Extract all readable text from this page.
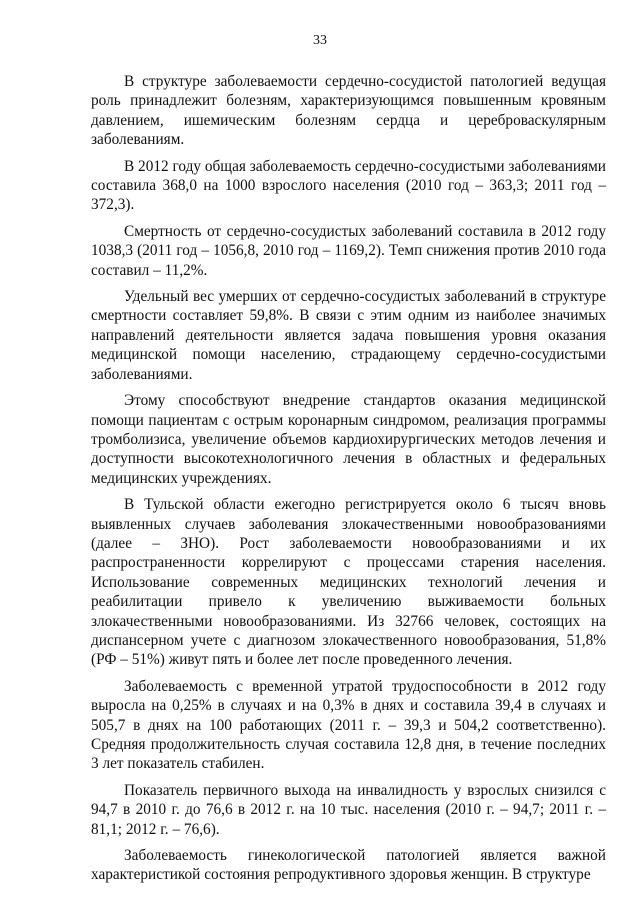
33

В структуре заболеваемости сердечно-сосудистой патологией ведущая роль принадлежит болезням, характеризующимся повышенным кровяным давлением, ишемическим болезням сердца и цереброваскулярным заболеваниям.

В 2012 году общая заболеваемость сердечно-сосудистыми заболеваниями составила 368,0 на 1000 взрослого населения (2010 год – 363,3; 2011 год – 372,3).

Смертность от сердечно-сосудистых заболеваний составила в 2012 году 1038,3 (2011 год – 1056,8, 2010 год – 1169,2). Темп снижения против 2010 года составил – 11,2%.

Удельный вес умерших от сердечно-сосудистых заболеваний в структуре смертности составляет 59,8%. В связи с этим одним из наиболее значимых направлений деятельности является задача повышения уровня оказания медицинской помощи населению, страдающему сердечно-сосудистыми заболеваниями.

Этому способствуют внедрение стандартов оказания медицинской помощи пациентам с острым коронарным синдромом, реализация программы тромболизиса, увеличение объемов кардиохирургических методов лечения и доступности высокотехнологичного лечения в областных и федеральных медицинских учреждениях.

В Тульской области ежегодно регистрируется около 6 тысяч вновь выявленных случаев заболевания злокачественными новообразованиями (далее – ЗНО). Рост заболеваемости новообразованиями и их распространенности коррелируют с процессами старения населения. Использование современных медицинских технологий лечения и реабилитации привело к увеличению выживаемости больных злокачественными новообразованиями. Из 32766 человек, состоящих на диспансерном учете с диагнозом злокачественного новообразования, 51,8% (РФ – 51%) живут пять и более лет после проведенного лечения.

Заболеваемость с временной утратой трудоспособности в 2012 году выросла на 0,25% в случаях и на 0,3% в днях и составила 39,4 в случаях и 505,7 в днях на 100 работающих (2011 г. – 39,3 и 504,2 соответственно). Средняя продолжительность случая составила 12,8 дня, в течение последних 3 лет показатель стабилен.

Показатель первичного выхода на инвалидность у взрослых снизился с 94,7 в 2010 г. до 76,6 в 2012 г. на 10 тыс. населения (2010 г. – 94,7; 2011 г. – 81,1; 2012 г. – 76,6).

Заболеваемость гинекологической патологией является важной характеристикой состояния репродуктивного здоровья женщин. В структуре
